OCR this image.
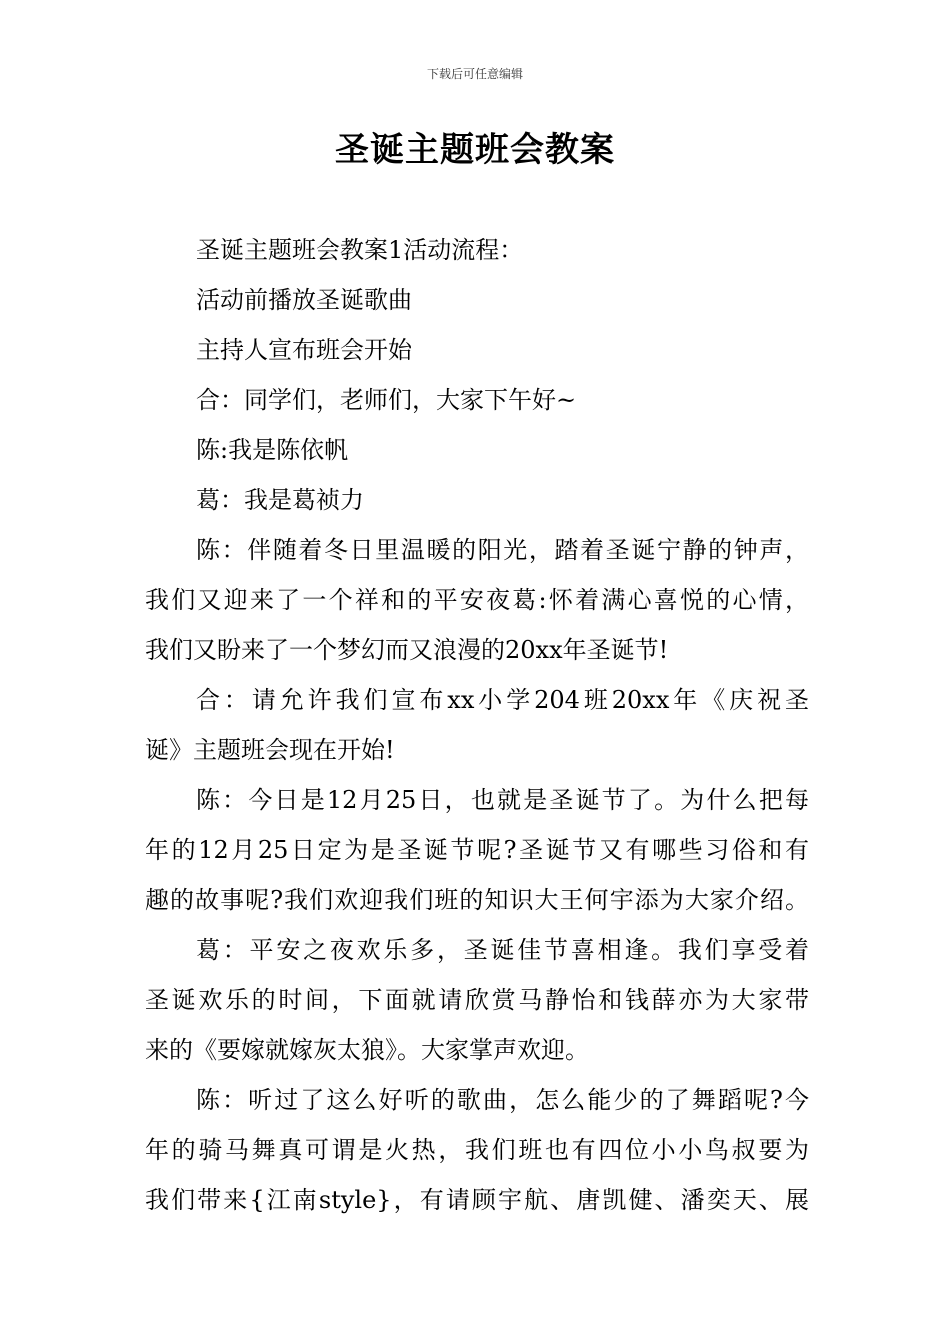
下载后可任意编辑
圣诞主题班会教案
圣诞主题班会教案1活动流程：
活动前播放圣诞歌曲
主持人宣布班会开始
合：同学们，老师们，大家下午好~
陈:我是陈依帆
葛：我是葛祯力
陈：伴随着冬日里温暖的阳光，踏着圣诞宁静的钟声，
我们又迎来了一个祥和的平安夜葛:怀着满心喜悦的心情，
我们又盼来了一个梦幻而又浪漫的20xx年圣诞节!
合：请允许我们宣布xx小学204班20xx年《庆祝圣
诞》主题班会现在开始!
陈：今日是12月25日，也就是圣诞节了。为什么把每
年的12月25日定为是圣诞节呢?圣诞节又有哪些习俗和有
趣的故事呢?我们欢迎我们班的知识大王何宇添为大家介绍。
葛：平安之夜欢乐多，圣诞佳节喜相逢。我们享受着
圣诞欢乐的时间，下面就请欣赏马静怡和钱薛亦为大家带
来的《要嫁就嫁灰太狼》。大家掌声欢迎。
陈：听过了这么好听的歌曲，怎么能少的了舞蹈呢?今
年的骑马舞真可谓是火热，我们班也有四位小小鸟叔要为
我们带来{江南style}，有请顾宇航、唐凯健、潘奕天、展
